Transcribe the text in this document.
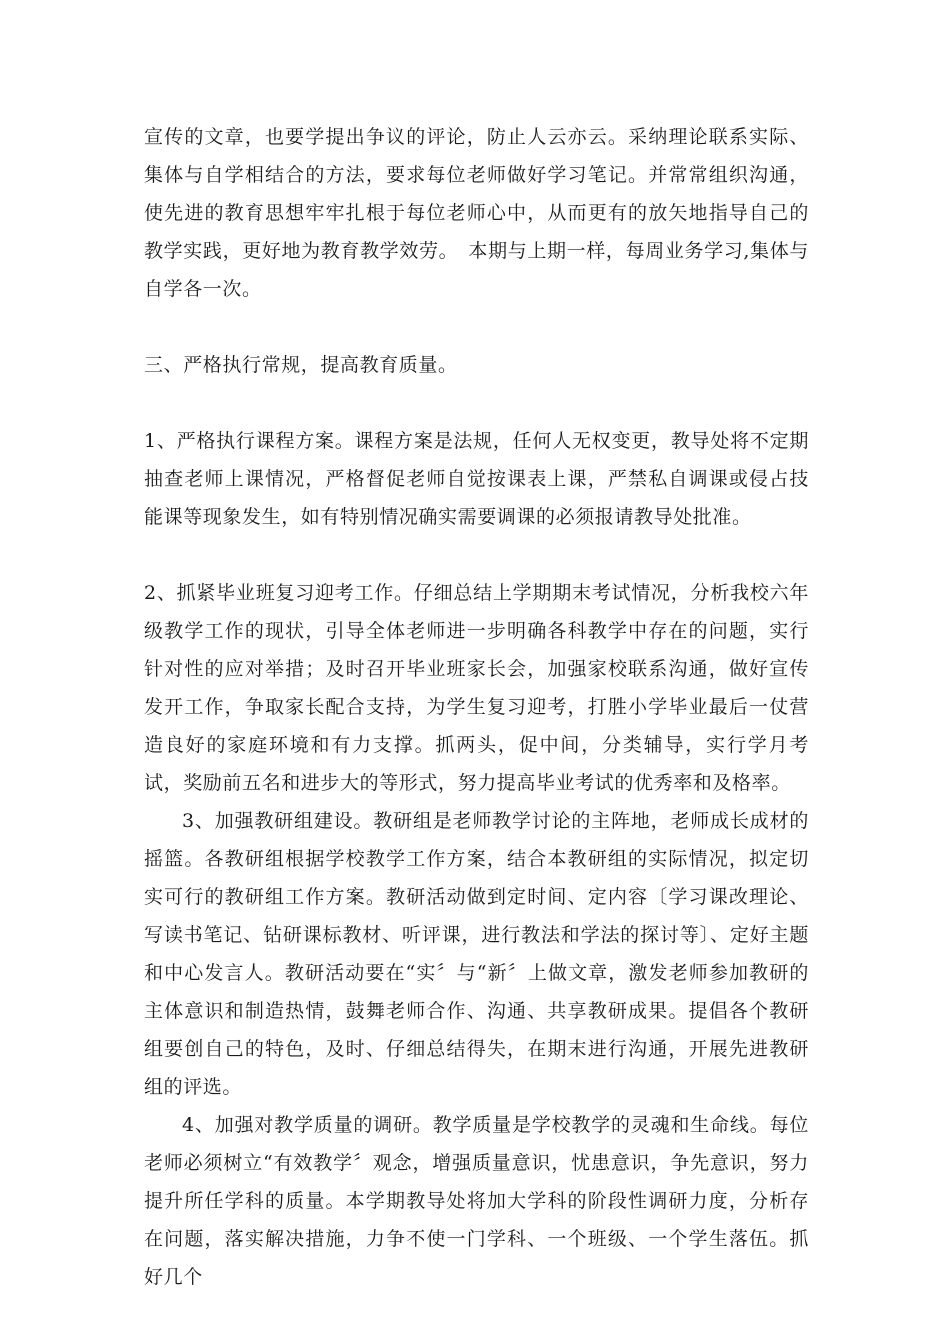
宣传的文章，也要学提出争议的评论，防止人云亦云。采纳理论联系实际、集体与自学相结合的方法，要求每位老师做好学习笔记。并常常组织沟通，使先进的教育思想牢牢扎根于每位老师心中，从而更有的放矢地指导自己的教学实践，更好地为教育教学效劳。　本期与上期一样，每周业务学习,集体与自学各一次。

三、严格执行常规，提高教育质量。

1、严格执行课程方案。课程方案是法规，任何人无权变更，教导处将不定期抽查老师上课情况，严格督促老师自觉按课表上课，严禁私自调课或侵占技能课等现象发生，如有特别情况确实需要调课的必须报请教导处批准。

2、抓紧毕业班复习迎考工作。仔细总结上学期期末考试情况，分析我校六年级教学工作的现状，引导全体老师进一步明确各科教学中存在的问题，实行针对性的应对举措；及时召开毕业班家长会，加强家校联系沟通，做好宣传发开工作，争取家长配合支持，为学生复习迎考，打胜小学毕业最后一仗营造良好的家庭环境和有力支撑。抓两头，促中间，分类辅导，实行学月考试，奖励前五名和进步大的等形式，努力提高毕业考试的优秀率和及格率。

3、加强教研组建设。教研组是老师教学讨论的主阵地，老师成长成材的摇篮。各教研组根据学校教学工作方案，结合本教研组的实际情况，拟定切实可行的教研组工作方案。教研活动做到定时间、定内容〔学习课改理论、写读书笔记、钻研课标教材、听评课，进行教法和学法的探讨等〕、定好主题和中心发言人。教研活动要在“实〞与“新〞上做文章，激发老师参加教研的主体意识和制造热情，鼓舞老师合作、沟通、共享教研成果。提倡各个教研组要创自己的特色，及时、仔细总结得失，在期末进行沟通，开展先进教研组的评选。

4、加强对教学质量的调研。教学质量是学校教学的灵魂和生命线。每位老师必须树立“有效教学〞观念，增强质量意识，忧患意识，争先意识，努力提升所任学科的质量。本学期教导处将加大学科的阶段性调研力度，分析存在问题，落实解决措施，力争不使一门学科、一个班级、一个学生落伍。抓好几个
